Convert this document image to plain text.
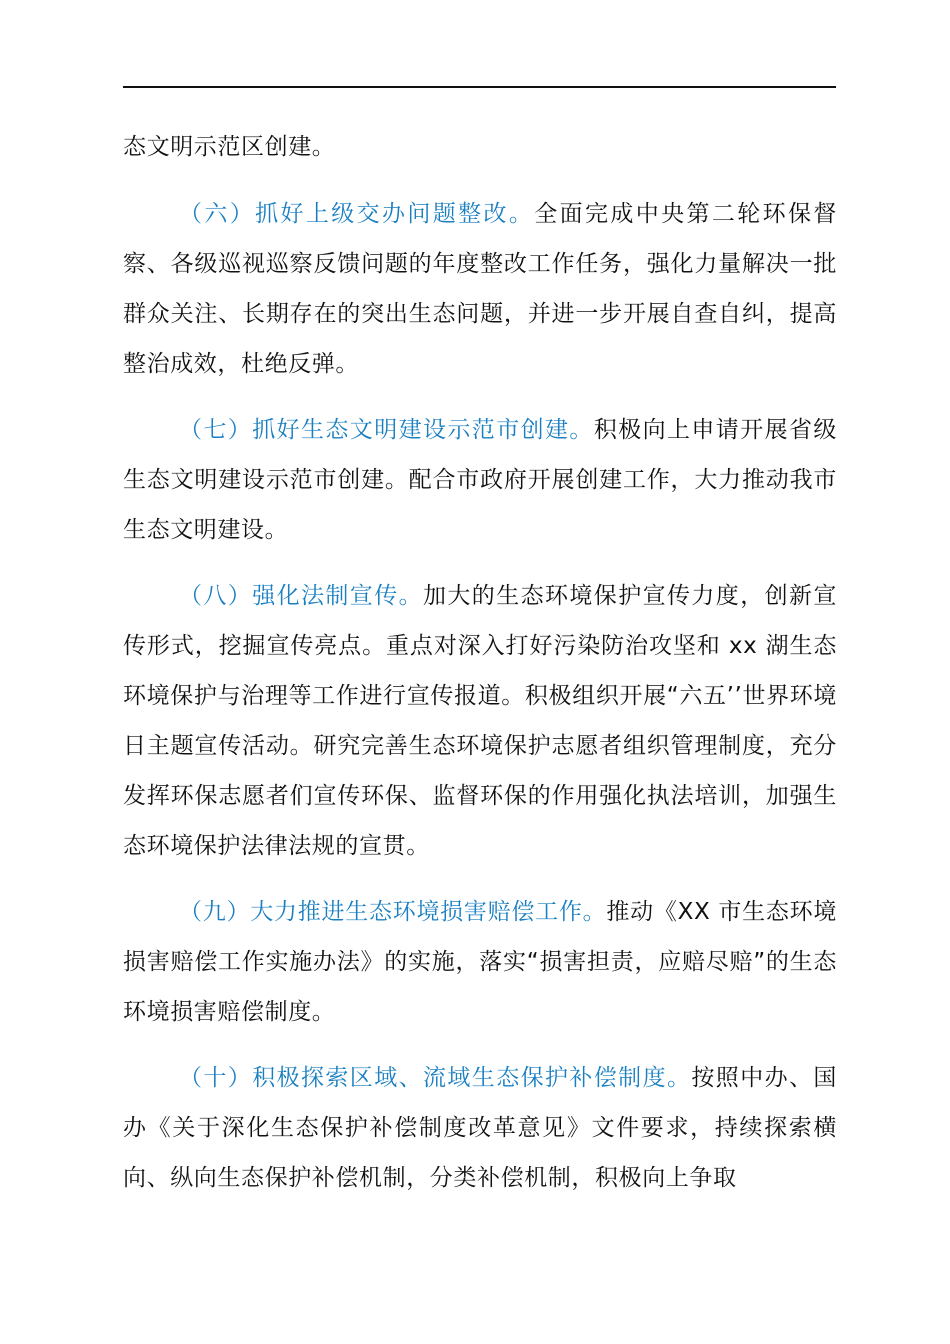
态文明示范区创建。

（六）抓好上级交办问题整改。全面完成中央第二轮环保督察、各级巡视巡察反馈问题的年度整改工作任务，强化力量解决一批群众关注、长期存在的突出生态问题，并进一步开展自查自纠，提高整治成效，杜绝反弹。

（七）抓好生态文明建设示范市创建。积极向上申请开展省级生态文明建设示范市创建。配合市政府开展创建工作，大力推动我市生态文明建设。

（八）强化法制宣传。加大的生态环境保护宣传力度，创新宣传形式，挖掘宣传亮点。重点对深入打好污染防治攻坚和 xx 湖生态环境保护与治理等工作进行宣传报道。积极组织开展“六五’’世界环境日主题宣传活动。研究完善生态环境保护志愿者组织管理制度，充分发挥环保志愿者们宣传环保、监督环保的作用强化执法培训，加强生态环境保护法律法规的宣贯。

（九）大力推进生态环境损害赔偿工作。推动《XX 市生态环境损害赔偿工作实施办法》的实施，落实“损害担责，应赔尽赔”的生态环境损害赔偿制度。

（十）积极探索区域、流域生态保护补偿制度。按照中办、国办《关于深化生态保护补偿制度改革意见》文件要求，持续探索横向、纵向生态保护补偿机制，分类补偿机制，积极向上争取
